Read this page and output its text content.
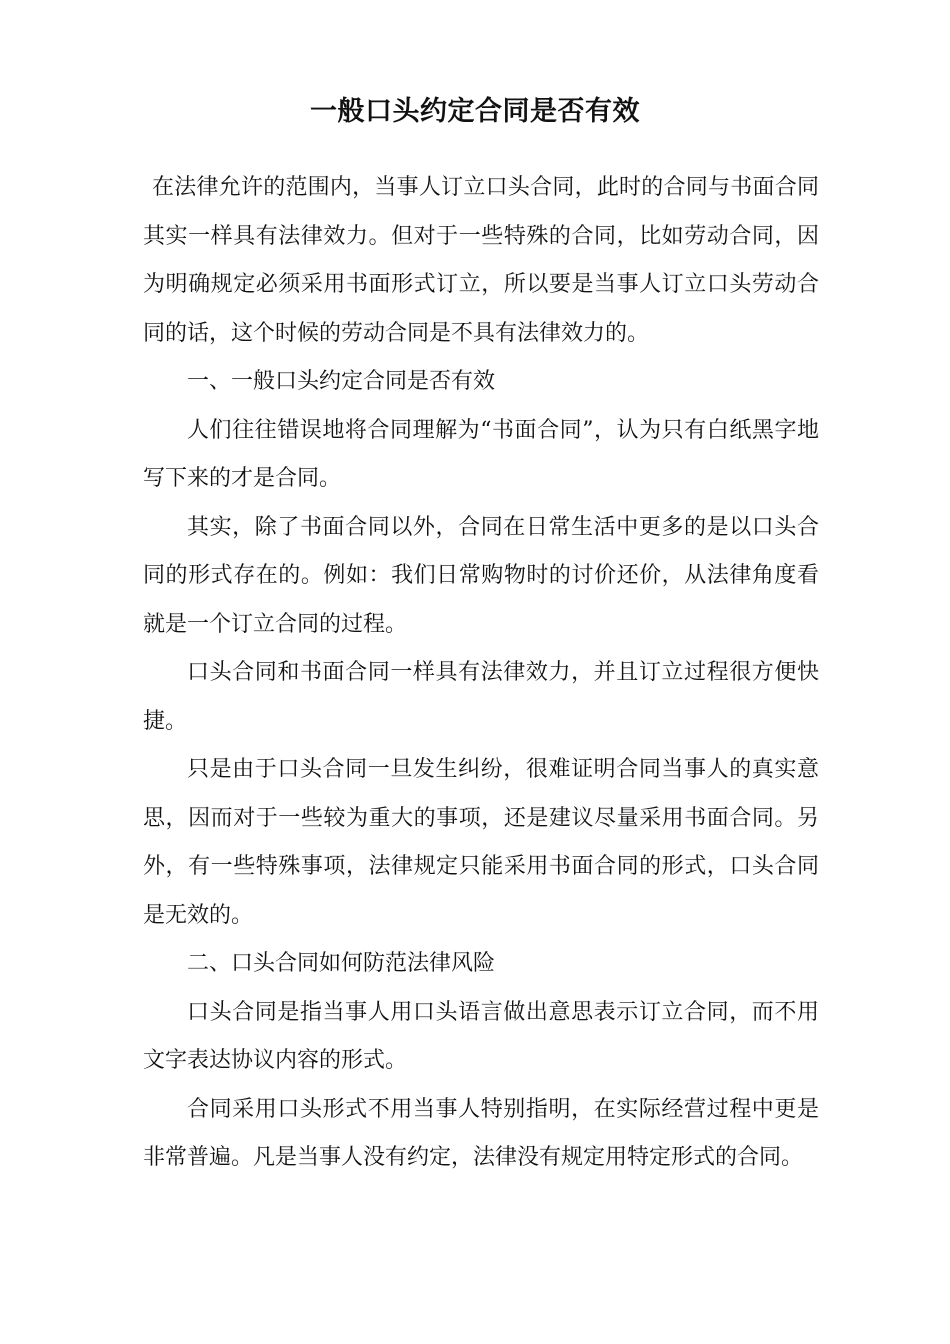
一般口头约定合同是否有效

在法律允许的范围内，当事人订立口头合同，此时的合同与书面合同其实一样具有法律效力。但对于一些特殊的合同，比如劳动合同，因为明确规定必须采用书面形式订立，所以要是当事人订立口头劳动合同的话，这个时候的劳动合同是不具有法律效力的。

一、一般口头约定合同是否有效

人们往往错误地将合同理解为“书面合同”，认为只有白纸黑字地写下来的才是合同。

其实，除了书面合同以外，合同在日常生活中更多的是以口头合同的形式存在的。例如：我们日常购物时的讨价还价，从法律角度看就是一个订立合同的过程。

口头合同和书面合同一样具有法律效力，并且订立过程很方便快捷。

只是由于口头合同一旦发生纠纷，很难证明合同当事人的真实意思，因而对于一些较为重大的事项，还是建议尽量采用书面合同。另外，有一些特殊事项，法律规定只能采用书面合同的形式，口头合同是无效的。

二、口头合同如何防范法律风险

口头合同是指当事人用口头语言做出意思表示订立合同，而不用文字表达协议内容的形式。

合同采用口头形式不用当事人特别指明，在实际经营过程中更是非常普遍。凡是当事人没有约定，法律没有规定用特定形式的合同。
